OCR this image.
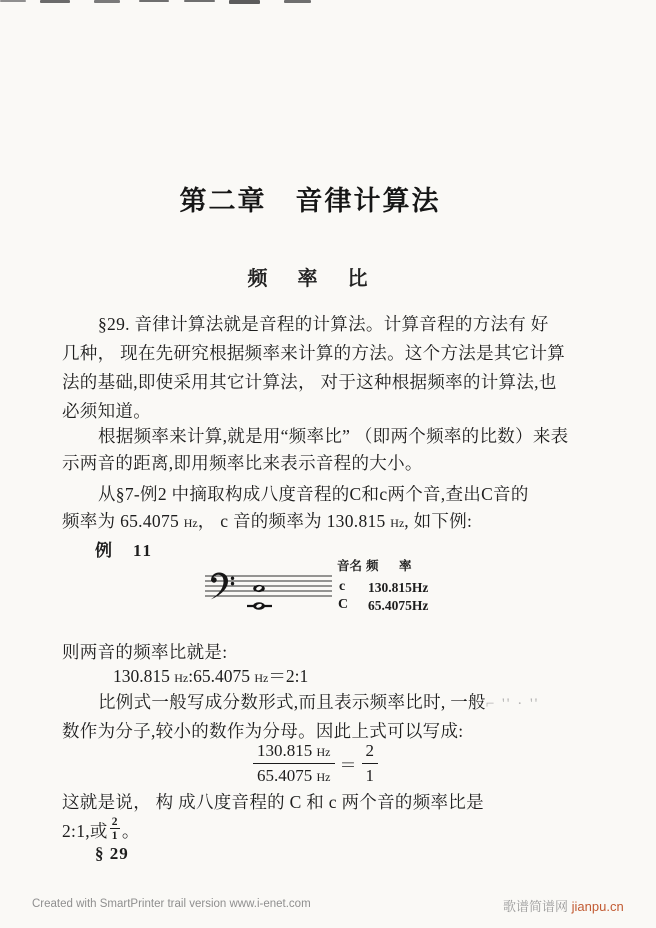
第二章　音律计算法
频　率　比
§29. 音律计算法就是音程的计算法。计算音程的方法有 好
几种， 现在先研究根据频率来计算的方法。这个方法是其它计算
法的基础,即使采用其它计算法， 对于这种根据频率的计算法,也
必须知道。
根据频率来计算,就是用“频率比” （即两个频率的比数）来表
示两音的距离,即用频率比来表示音程的大小。
从§7-例2 中摘取构成八度音程的C和c两个音,查出C音的
频率为 65.4075 Hz， c 音的频率为 130.815 Hz, 如下例:
例　11
音名 频　率
c 130.815Hz
C 65.4075Hz
则两音的频率比就是:
130.815 Hz:65.4075 Hz＝2:1
比例式一般写成分数形式,而且表示频率比时, 一般⌐ '' · ''
数作为分子,较小的数作为分母。因此上式可以写成:
$\frac{130.815 Hz}{65.4075 Hz} = \frac{2}{1}$
这就是说， 构 成八度音程的 C 和 c 两个音的频率比是
2:1,或 $\frac{2}{1}$ 。
§ 29
Created with SmartPrinter trail version www.i-enet.com	歌谱简谱网 jianpu.cn
